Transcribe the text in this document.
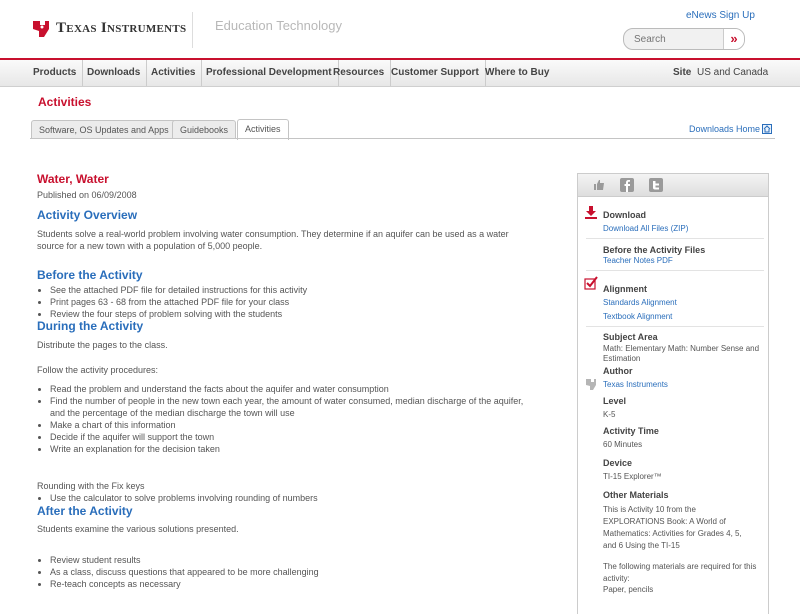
Texas Instruments Education Technology
eNews Sign Up
Search
»
Products	Downloads	Activities	Professional Development Resources Customer Support Where to Buy	Site US and Canada
Activities
Software, OS Updates and Apps	Guidebooks	Activities	Downloads Home
Water, Water

Published on 06/09/2008

Activity Overview

Students solve a real-world problem involving water consumption. They determine if an aquifer can be used as a water source for a new town with a population of 5,000 people.

Before the Activity
• See the attached PDF file for detailed instructions for this activity
• Print pages 63 - 68 from the attached PDF file for your class
• Review the four steps of problem solving with the students
During the Activity

Distribute the pages to the class.

Follow the activity procedures:

• Read the problem and understand the facts about the aquifer and water consumption
• Find the number of people in the new town each year, the amount of water consumed, median discharge of the aquifer, and the percentage of the median discharge the town will use
• Make a chart of this information
• Decide if the aquifer will support the town
• Write an explanation for the decision taken

Rounding with the Fix keys

• Use the calculator to solve problems involving rounding of numbers
After the Activity

Students examine the various solutions presented.

• Review student results
• As a class, discuss questions that appeared to be more challenging
• Re-teach concepts as necessary
Download
Download All Files (ZIP)
Before the Activity Files
Teacher Notes PDF
Alignment
Standards Alignment
Textbook Alignment
Subject Area
Math: Elementary Math: Number Sense and Estimation
Author
Texas Instruments
Level
K-5
Activity Time
60 Minutes
Device
TI-15 Explorer™
Other Materials
This is Activity 10 from the EXPLORATIONS Book: A World of Mathematics: Activities for Grades 4, 5, and 6 Using the TI-15
The following materials are required for this activity:
Paper, pencils
